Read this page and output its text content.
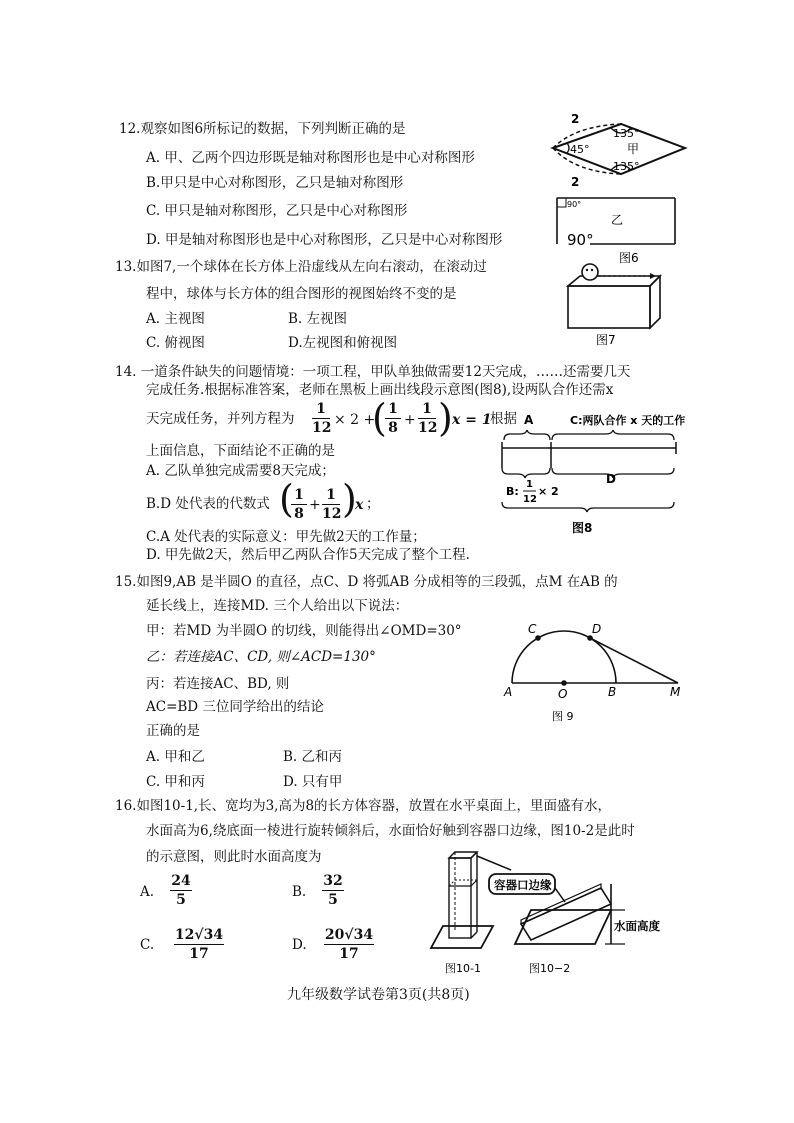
12.观察如图6所标记的数据，下列判断正确的是
A. 甲、乙两个四边形既是轴对称图形也是中心对称图形
B.甲只是中心对称图形，乙只是轴对称图形
C. 甲只是轴对称图形，乙只是中心对称图形
D. 甲是轴对称图形也是中心对称图形，乙只是中心对称图形
2
2
45°
135°
135°
甲
90°
乙
90°
图6
13.如图7,一个球体在长方体上沿虚线从左向右滚动，在滚动过
程中，球体与长方体的组合图形的视图始终不变的是
A. 主视图	B. 左视图
C. 俯视图	D.左视图和俯视图	图7
14. 一道条件缺失的问题情境：一项工程，甲队单独做需要12天完成，……还需要几天
完成任务.根据标准答案，老师在黑板上画出线段示意图(图8),设两队合作还需x
天完成任务，并列方程为
1
12 × 2 +
( 1
8 +
1
12 ) x = 1
根据
上面信息，下面结论不正确的是
A. 乙队单独完成需要8天完成；
B.D 处代表的代数式 ( 1
8
+
1
12 )
x ；
C.A 处代表的实际意义：甲先做2天的工作量；
D. 甲先做2天，然后甲乙两队合作5天完成了整个工程.
A	C:两队合作 x 天的工作
B:
1
12
× 2
D
图8
15.如图9,AB 是半圆O 的直径，点C、D 将弧AB 分成相等的三段弧，点M 在AB 的
延长线上，连接MD. 三个人给出以下说法：
甲：若MD 为半圆O 的切线，则能得出∠OMD=30°
乙：若连接AC、CD, 则∠ACD=130°
丙：若连接AC、BD, 则
AC=BD 三位同学给出的结论
正确的是
A. 甲和乙	B. 乙和丙
C. 甲和丙	D. 只有甲
C	D
A	O	B	M
图 9
16.如图10-1,长、宽均为3,高为8的长方体容器，放置在水平桌面上，里面盛有水，
水面高为6,绕底面一棱进行旋转倾斜后，水面恰好触到容器口边缘，图10-2是此时
的示意图，则此时水面高度为
A.
24
5	B.
32
5
C.
12√34
17
D.
20√34
17
容器口边缘
水面高度
图10-1	图10−2
九年级数学试卷第3页(共8页)
